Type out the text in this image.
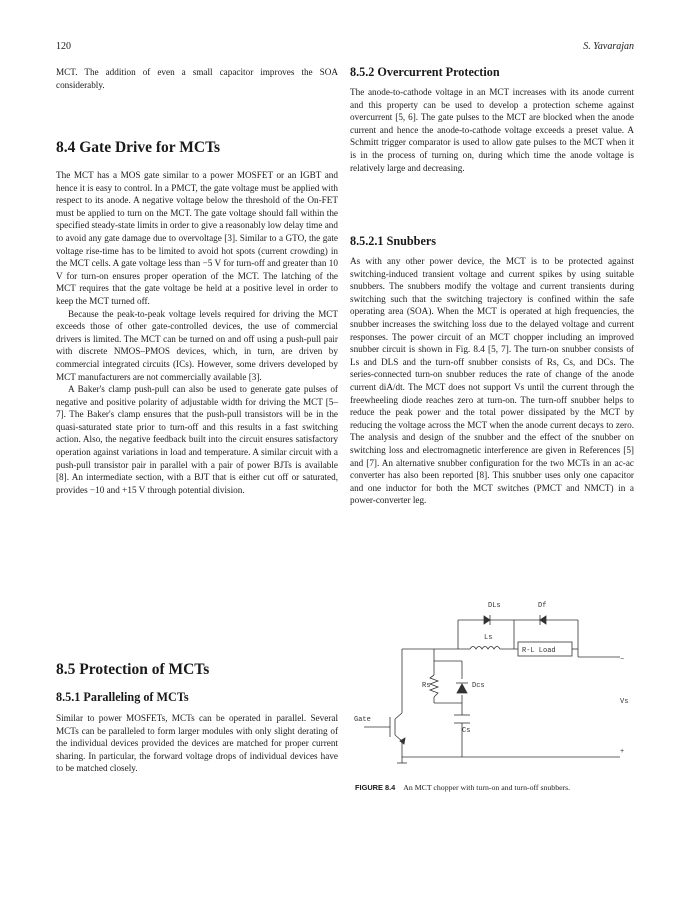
120	S. Yavarajan

MCT. The addition of even a small capacitor improves the SOA considerably.

8.4 Gate Drive for MCTs

The MCT has a MOS gate similar to a power MOSFET or an IGBT and hence it is easy to control. In a PMCT, the gate voltage must be applied with respect to its anode. A negative voltage below the threshold of the On-FET must be applied to turn on the MCT. The gate voltage should fall within the specified steady-state limits in order to give a reasonably low delay time and to avoid any gate damage due to overvoltage [3]. Similar to a GTO, the gate voltage rise-time has to be limited to avoid hot spots (current crowding) in the MCT cells. A gate voltage less than −5 V for turn-off and greater than 10 V for turn-on ensures proper operation of the MCT. The latching of the MCT requires that the gate voltage be held at a positive level in order to keep the MCT turned off.

Because the peak-to-peak voltage levels required for driving the MCT exceeds those of other gate-controlled devices, the use of commercial drivers is limited. The MCT can be turned on and off using a push-pull pair with discrete NMOS–PMOS devices, which, in turn, are driven by commercial integrated circuits (ICs). However, some drivers developed by MCT manufacturers are not commercially available [3].

A Baker's clamp push-pull can also be used to generate gate pulses of negative and positive polarity of adjustable width for driving the MCT [5–7]. The Baker's clamp ensures that the push-pull transistors will be in the quasi-saturated state prior to turn-off and this results in a fast switching action. Also, the negative feedback built into the circuit ensures satisfactory operation against variations in load and temperature. A similar circuit with a push-pull transistor pair in parallel with a pair of power BJTs is available [8]. An intermediate section, with a BJT that is either cut off or saturated, provides −10 and +15 V through potential division.

8.5 Protection of MCTs
8.5.1 Paralleling of MCTs

Similar to power MOSFETs, MCTs can be operated in parallel. Several MCTs can be paralleled to form larger modules with only slight derating of the individual devices provided the devices are matched for proper current sharing. In particular, the forward voltage drops of individual devices have to be matched closely.

8.5.2 Overcurrent Protection

The anode-to-cathode voltage in an MCT increases with its anode current and this property can be used to develop a protection scheme against overcurrent [5, 6]. The gate pulses to the MCT are blocked when the anode current and hence the anode-to-cathode voltage exceeds a preset value. A Schmitt trigger comparator is used to allow gate pulses to the MCT when it is in the process of turning on, during which time the anode voltage is relatively large and decreasing.

8.5.2.1 Snubbers

As with any other power device, the MCT is to be protected against switching-induced transient voltage and current spikes by using suitable snubbers. The snubbers modify the voltage and current transients during switching such that the switching trajectory is confined within the safe operating area (SOA). When the MCT is operated at high frequencies, the snubber increases the switching loss due to the delayed voltage and current responses. The power circuit of an MCT chopper including an improved snubber circuit is shown in Fig. 8.4 [5, 7]. The turn-on snubber consists of Ls and DLS and the turn-off snubber consists of Rs, Cs, and DCs. The series-connected turn-on snubber reduces the rate of change of the anode current diA/dt. The MCT does not support Vs until the current through the freewheeling diode reaches zero at turn-on. The turn-off snubber helps to reduce the peak power and the total power dissipated by the MCT by reducing the voltage across the MCT when the anode current decays to zero. The analysis and design of the snubber and the effect of the snubber on switching loss and electromagnetic interference are given in References [5] and [7]. An alternative snubber configuration for the two MCTs in an ac-ac converter has also been reported [8]. This snubber uses only one capacitor and one inductor for both the MCT switches (PMCT and NMCT) in a power-converter leg.

DLs	Df
Ls
R-L Load
Rs	Dcs
Cs
Gate
Vs
−
+
FIGURE 8.4 An MCT chopper with turn-on and turn-off snubbers.
